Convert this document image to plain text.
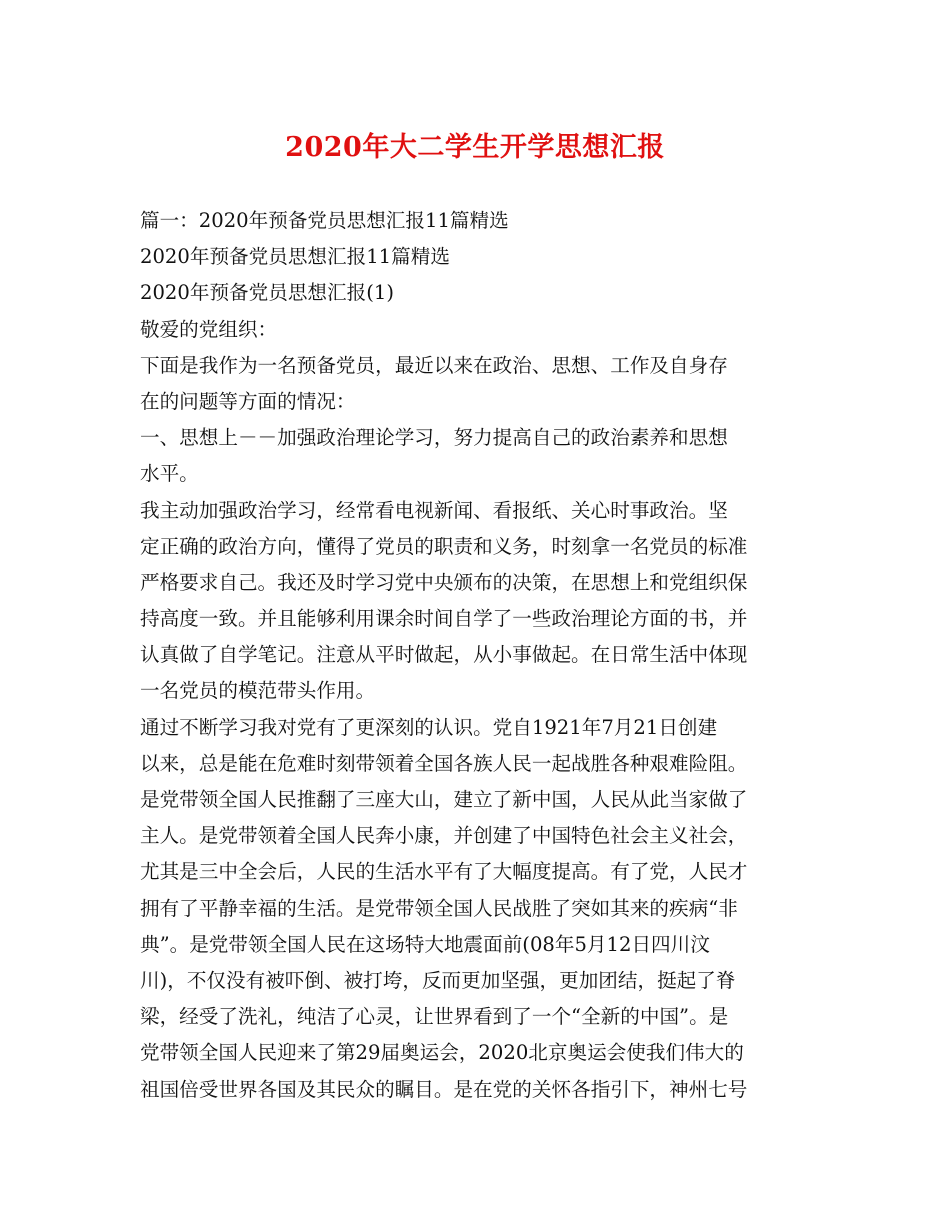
2020年大二学生开学思想汇报
篇一：2020年预备党员思想汇报11篇精选
2020年预备党员思想汇报11篇精选
2020年预备党员思想汇报(1)
敬爱的党组织：
下面是我作为一名预备党员，最近以来在政治、思想、工作及自身存
在的问题等方面的情况：
一、思想上－－加强政治理论学习，努力提高自己的政治素养和思想
水平。
我主动加强政治学习，经常看电视新闻、看报纸、关心时事政治。坚
定正确的政治方向，懂得了党员的职责和义务，时刻拿一名党员的标准
严格要求自己。我还及时学习党中央颁布的决策，在思想上和党组织保
持高度一致。并且能够利用课余时间自学了一些政治理论方面的书，并
认真做了自学笔记。注意从平时做起，从小事做起。在日常生活中体现
一名党员的模范带头作用。
通过不断学习我对党有了更深刻的认识。党自1921年7月21日创建
以来，总是能在危难时刻带领着全国各族人民一起战胜各种艰难险阻。
是党带领全国人民推翻了三座大山，建立了新中国，人民从此当家做了
主人。是党带领着全国人民奔小康，并创建了中国特色社会主义社会，
尤其是三中全会后，人民的生活水平有了大幅度提高。有了党，人民才
拥有了平静幸福的生活。是党带领全国人民战胜了突如其来的疾病“非
典”。是党带领全国人民在这场特大地震面前(08年5月12日四川汶
川)，不仅没有被吓倒、被打垮，反而更加坚强，更加团结，挺起了脊
梁，经受了洗礼，纯洁了心灵，让世界看到了一个“全新的中国”。是
党带领全国人民迎来了第29届奥运会，2020北京奥运会使我们伟大的
祖国倍受世界各国及其民众的瞩目。是在党的关怀各指引下，神州七号
